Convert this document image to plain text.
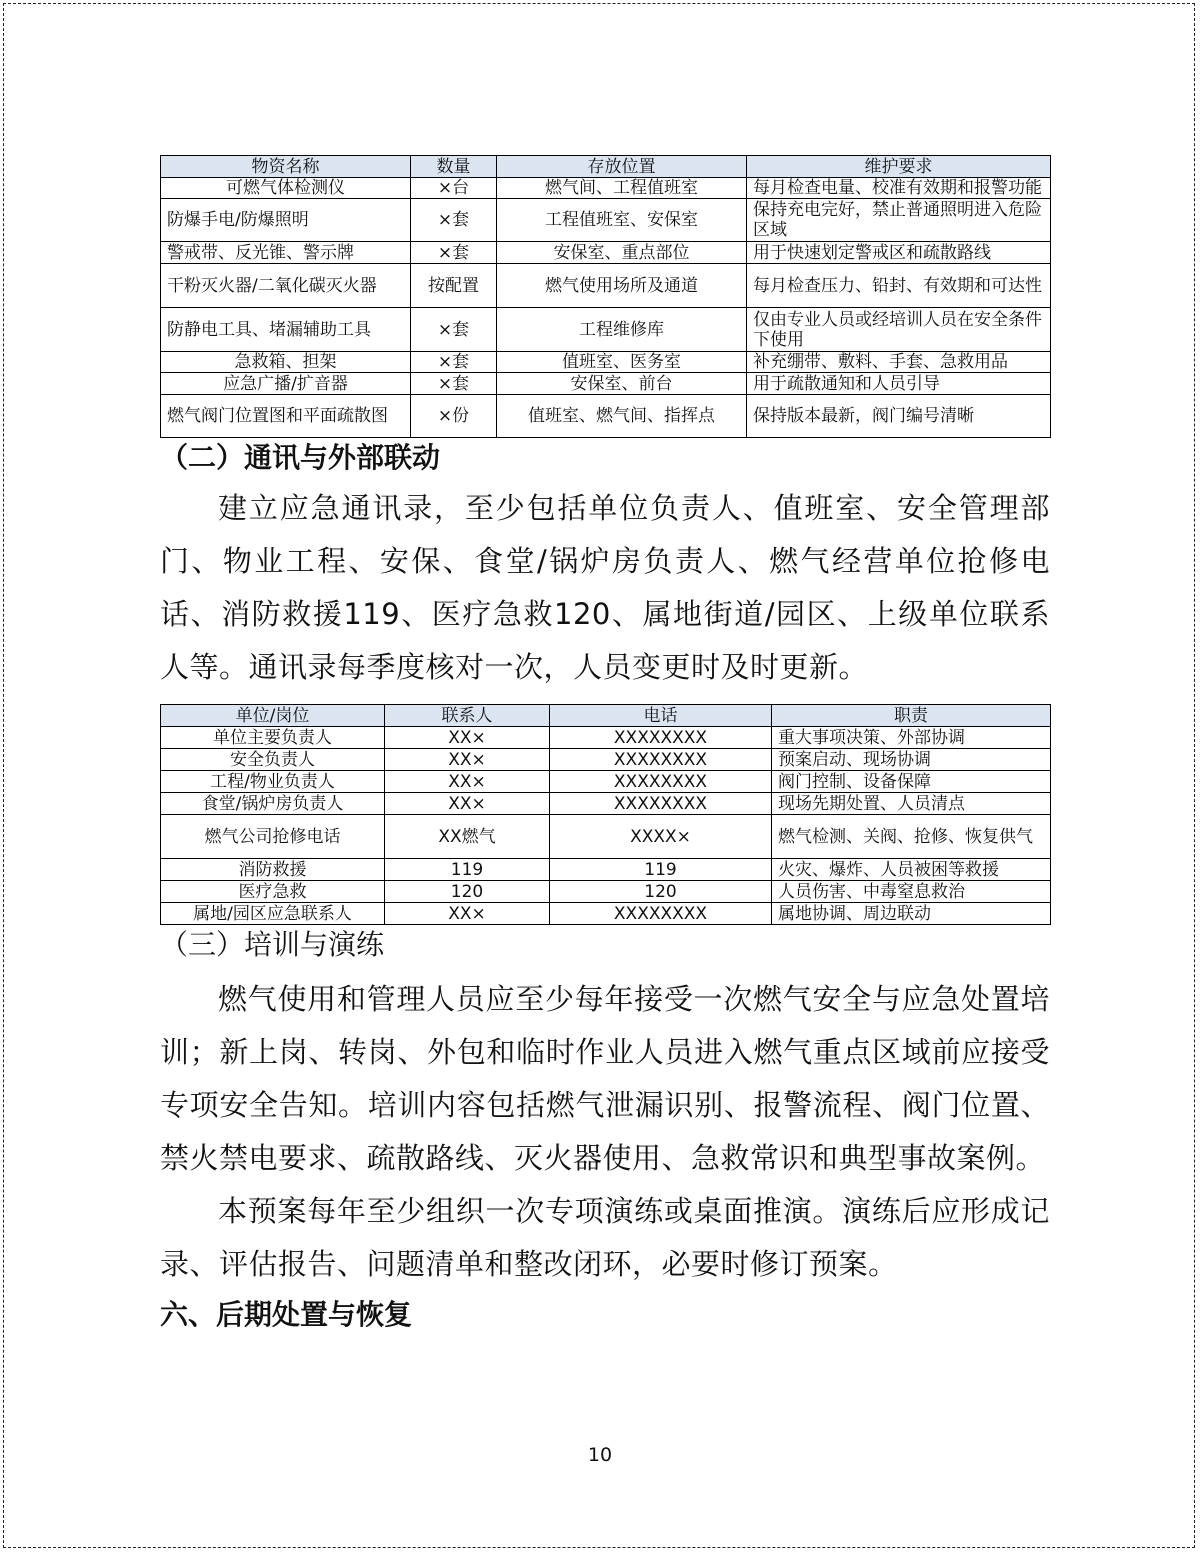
物资名称	数量	存放位置	维护要求
可燃气体检测仪	×台	燃气间、工程值班室	每月检查电量、校准有效期和报警功能
防爆手电/防爆照明	×套	工程值班室、安保室	保持充电完好，禁止普通照明进入危险区域
警戒带、反光锥、警示牌	×套	安保室、重点部位	用于快速划定警戒区和疏散路线
干粉灭火器/二氧化碳灭火器	按配置	燃气使用场所及通道	每月检查压力、铅封、有效期和可达性
防静电工具、堵漏辅助工具	×套	工程维修库	仅由专业人员或经培训人员在安全条件下使用
急救箱、担架	×套	值班室、医务室	补充绷带、敷料、手套、急救用品
应急广播/扩音器	×套	安保室、前台	用于疏散通知和人员引导
燃气阀门位置图和平面疏散图	×份	值班室、燃气间、指挥点	保持版本最新，阀门编号清晰
（二）通讯与外部联动

建立应急通讯录，至少包括单位负责人、值班室、安全管理部门、物业工程、安保、食堂/锅炉房负责人、燃气经营单位抢修电话、消防救援119、医疗急救120、属地街道/园区、上级单位联系人等。通讯录每季度核对一次，人员变更时及时更新。

单位/岗位	联系人	电话	职责
单位主要负责人	XX×	XXXXXXXX	重大事项决策、外部协调
安全负责人	XX×	XXXXXXXX	预案启动、现场协调
工程/物业负责人	XX×	XXXXXXXX	阀门控制、设备保障
食堂/锅炉房负责人	XX×	XXXXXXXX	现场先期处置、人员清点
燃气公司抢修电话	XX燃气	XXXX×	燃气检测、关阀、抢修、恢复供气
消防救援	119	119	火灾、爆炸、人员被困等救援
医疗急救	120	120	人员伤害、中毒窒息救治
属地/园区应急联系人	XX×	XXXXXXXX	属地协调、周边联动
（三）培训与演练

燃气使用和管理人员应至少每年接受一次燃气安全与应急处置培训；新上岗、转岗、外包和临时作业人员进入燃气重点区域前应接受专项安全告知。培训内容包括燃气泄漏识别、报警流程、阀门位置、禁火禁电要求、疏散路线、灭火器使用、急救常识和典型事故案例。

本预案每年至少组织一次专项演练或桌面推演。演练后应形成记录、评估报告、问题清单和整改闭环，必要时修订预案。

六、后期处置与恢复
10
